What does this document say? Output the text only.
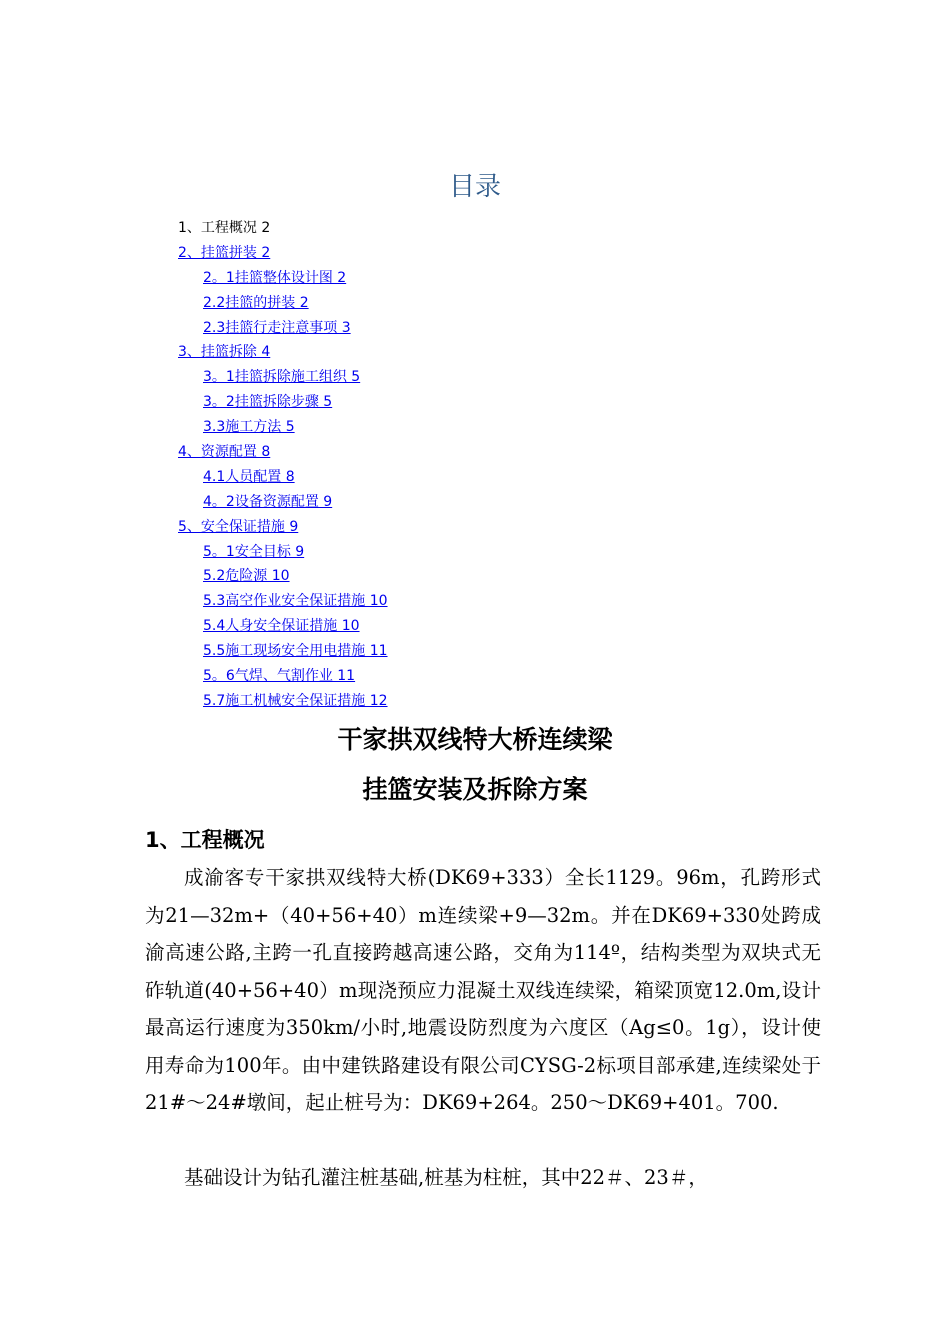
目录
1、工程概况 2
2、挂篮拼装 2
2。1挂篮整体设计图 2
2.2挂篮的拼装 2
2.3挂篮行走注意事项 3
3、挂篮拆除 4
3。1挂篮拆除施工组织 5
3。2挂篮拆除步骤 5
3.3施工方法 5
4、资源配置 8
4.1人员配置 8
4。2设备资源配置 9
5、安全保证措施 9
5。1安全目标 9
5.2危险源 10
5.3高空作业安全保证措施 10
5.4人身安全保证措施 10
5.5施工现场安全用电措施 11
5。6气焊、气割作业 11
5.7施工机械安全保证措施 12
干家拱双线特大桥连续梁
挂篮安装及拆除方案
1、工程概况

成渝客专干家拱双线特大桥(DK69+333）全长1129。96m，孔跨形式为21—32m+（40+56+40）m连续梁+9—32m。并在DK69+330处跨成渝高速公路,主跨一孔直接跨越高速公路，交角为114º，结构类型为双块式无砟轨道(40+56+40）m现浇预应力混凝土双线连续梁，箱梁顶宽12.0m,设计最高运行速度为350km/小时,地震设防烈度为六度区（Ag≤0。1g），设计使用寿命为100年。由中建铁路建设有限公司CYSG-2标项目部承建,连续梁处于21#～24#墩间，起止桩号为：DK69+264。250～DK69+401。700.

基础设计为钻孔灌注桩基础,桩基为柱桩，其中22＃、23＃，
